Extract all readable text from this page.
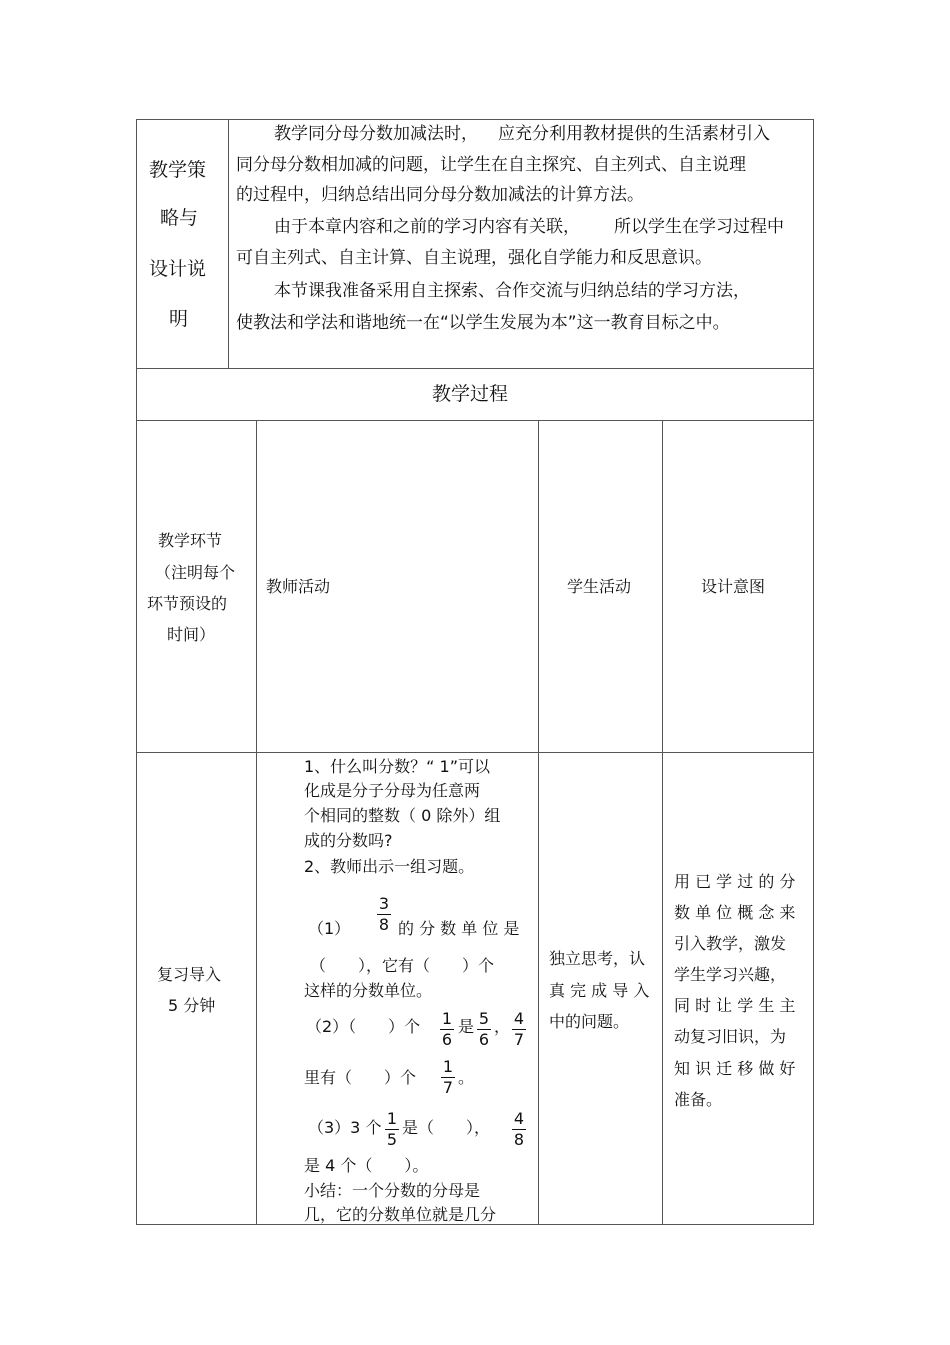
教学策
略与
设计说
明
教学同分母分数加减法时， 应充分利用教材提供的生活素材引入
同分母分数相加减的问题，让学生在自主探究、自主列式、自主说理
的过程中，归纳总结出同分母分数加减法的计算方法。
由于本章内容和之前的学习内容有关联， 所以学生在学习过程中
可自主列式、自主计算、自主说理，强化自学能力和反思意识。
本节课我准备采用自主探索、合作交流与归纳总结的学习方法，
使教法和学法和谐地统一在“以学生发展为本”这一教育目标之中。
教学过程
教学环节
（注明每个
环节预设的
时间）
教师活动	学生活动	设计意图
复习导入
5 分钟
1、什么叫分数？“ 1”可以
化成是分子分母为任意两
个相同的整数（ 0 除外）组
成的分数吗?
2、教师出示一组习题。
（1）
3
8 的 分 数 单 位 是
（　　），它有（　　）个
这样的分数单位。
（2）（　　）个 1
6
是 5
6
， 4
7
里有（　　）个
1
7
。
（3）3 个 1
5
是（　　）， 4
8
是 4 个（　　）。
小结：一个分数的分母是
几，它的分数单位就是几分
独立思考，认
真 完 成 导 入
中的问题。
用 已 学 过 的 分
数 单 位 概 念 来
引入教学，激发
学生学习兴趣，
同 时 让 学 生 主
动复习旧识，为
知 识 迁 移 做 好
准备。
